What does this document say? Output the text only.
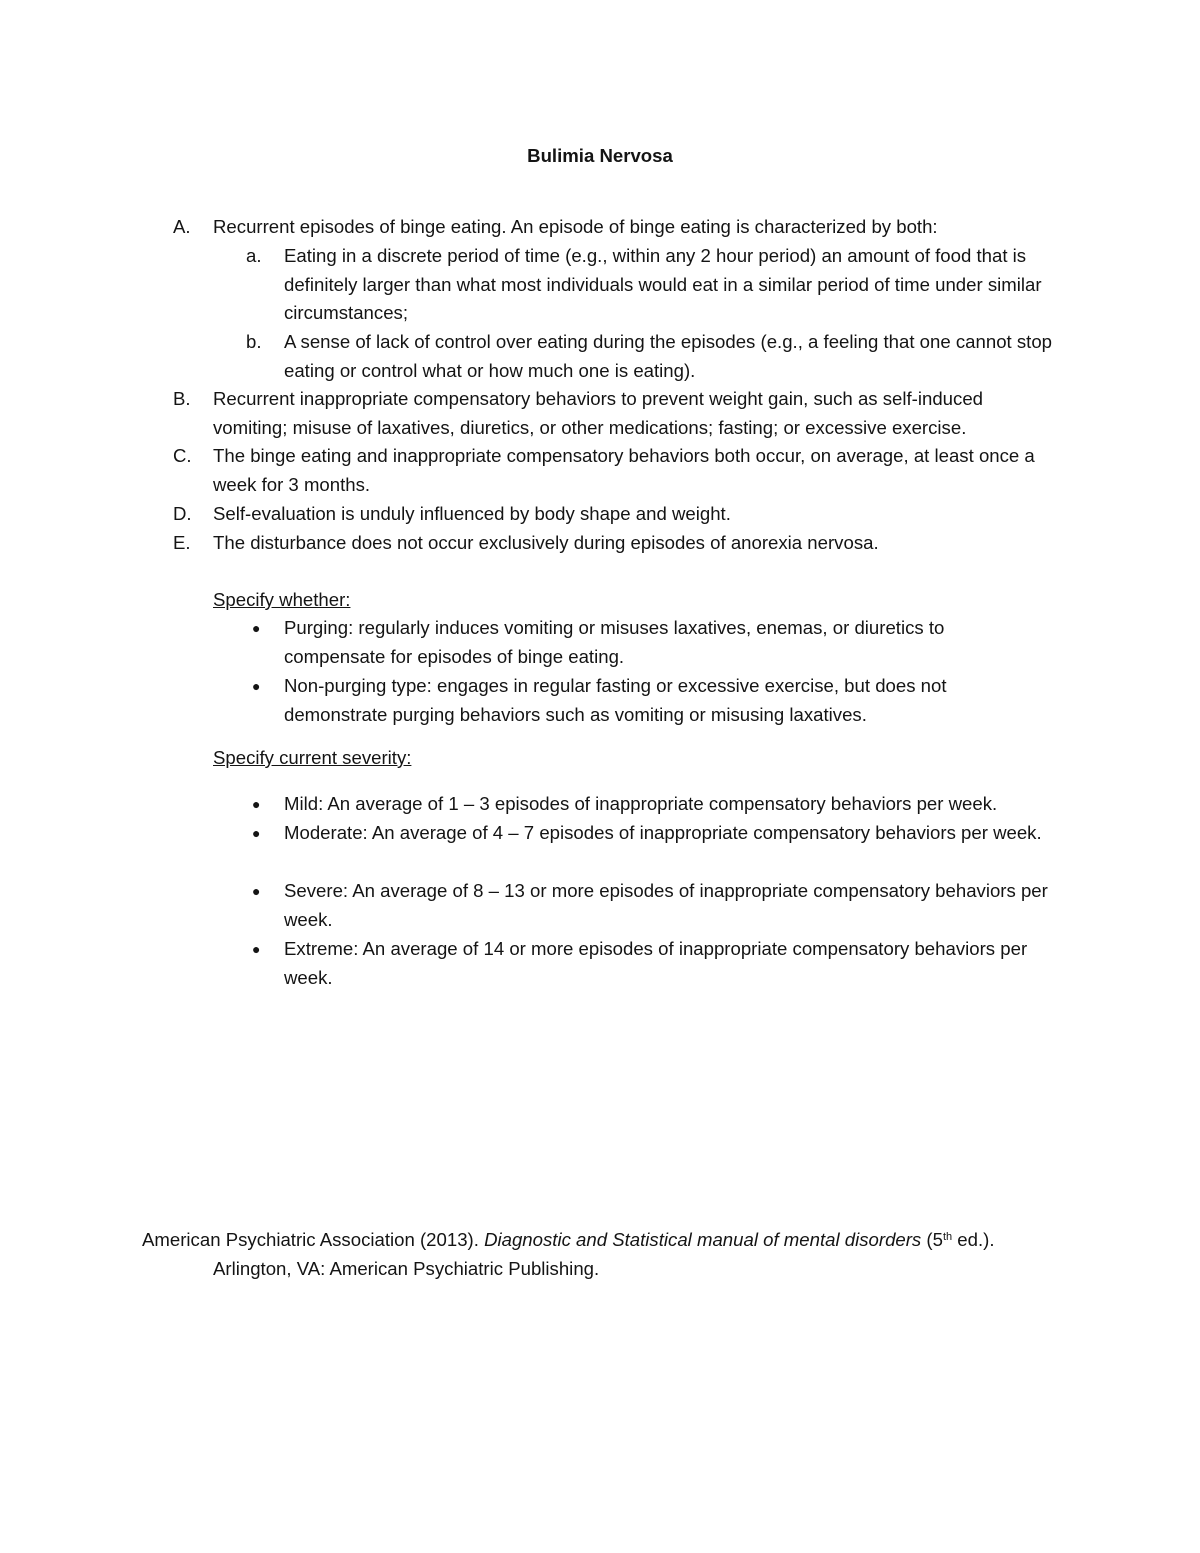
Bulimia Nervosa
A. Recurrent episodes of binge eating. An episode of binge eating is characterized by both:
a. Eating in a discrete period of time (e.g., within any 2 hour period) an amount of food that is definitely larger than what most individuals would eat in a similar period of time under similar circumstances;
b. A sense of lack of control over eating during the episodes (e.g., a feeling that one cannot stop eating or control what or how much one is eating).
B. Recurrent inappropriate compensatory behaviors to prevent weight gain, such as self-induced vomiting; misuse of laxatives, diuretics, or other medications; fasting; or excessive exercise.
C. The binge eating and inappropriate compensatory behaviors both occur, on average, at least once a week for 3 months.
D. Self-evaluation is unduly influenced by body shape and weight.
E. The disturbance does not occur exclusively during episodes of anorexia nervosa.
Specify whether:
● Purging: regularly induces vomiting or misuses laxatives, enemas, or diuretics to compensate for episodes of binge eating.
● Non-purging type: engages in regular fasting or excessive exercise, but does not demonstrate purging behaviors such as vomiting or misusing laxatives.
Specify current severity:
● Mild: An average of 1 – 3 episodes of inappropriate compensatory behaviors per week.
● Moderate: An average of 4 – 7 episodes of inappropriate compensatory behaviors per week.
● Severe: An average of 8 – 13 or more episodes of inappropriate compensatory behaviors per week.
● Extreme: An average of 14 or more episodes of inappropriate compensatory behaviors per week.
American Psychiatric Association (2013). Diagnostic and Statistical manual of mental disorders (5th ed.).
Arlington, VA: American Psychiatric Publishing.
